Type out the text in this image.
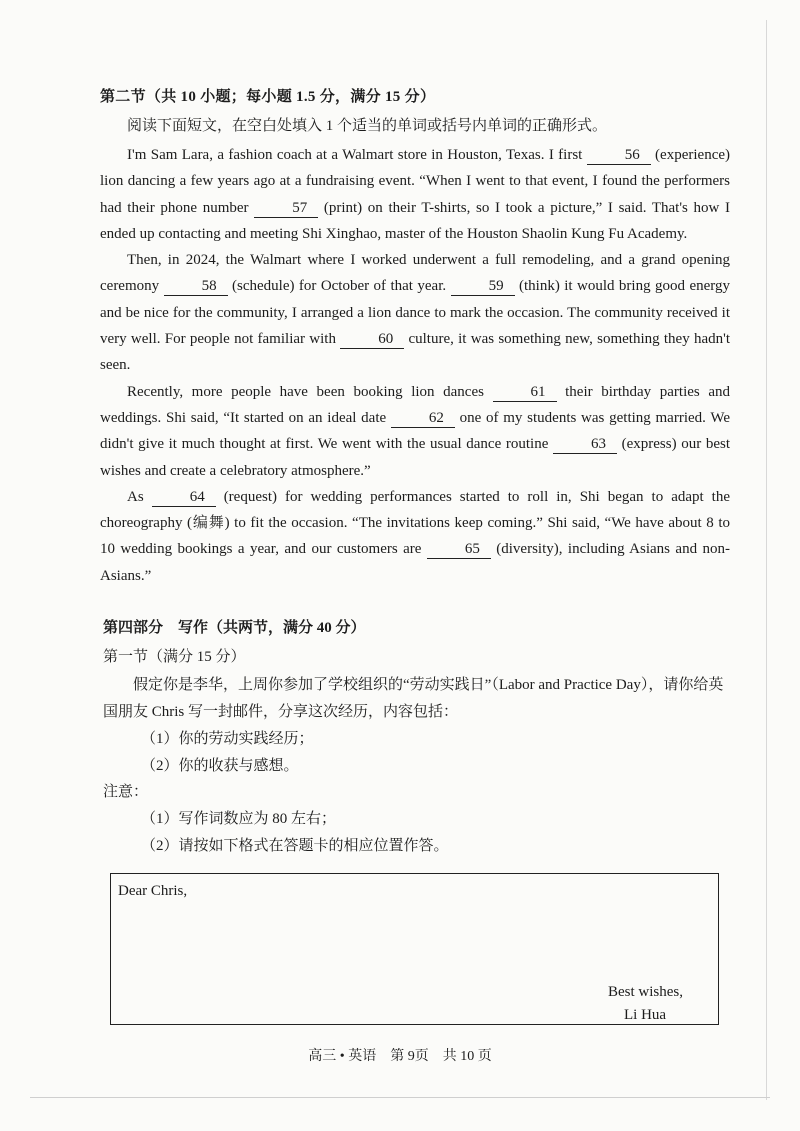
第二节（共 10 小题；每小题 1.5 分，满分 15 分）
阅读下面短文，在空白处填入 1 个适当的单词或括号内单词的正确形式。

I'm Sam Lara, a fashion coach at a Walmart store in Houston, Texas. I first	56 (experience) lion dancing a few years ago at a fundraising event. “When I went to that event, I found the performers had their phone number	57 (print) on their T-shirts, so I took a picture,” I said. That's how I ended up contacting and meeting Shi Xinghao, master of the Houston Shaolin Kung Fu Academy.

Then, in 2024, the Walmart where I worked underwent a full remodeling, and a grand opening ceremony	58 (schedule) for October of that year.	59 (think) it would bring good energy and be nice for the community, I arranged a lion dance to mark the occasion. The community received it very well. For people not familiar with	60 culture, it was something new, something they hadn't seen.

Recently, more people have been booking lion dances	61 their birthday parties and weddings. Shi said, “It started on an ideal date	62 one of my students was getting married. We didn't give it much thought at first. We went with the usual dance routine	63 (express) our best wishes and create a celebratory atmosphere.”

As	64 (request) for wedding performances started to roll in, Shi began to adapt the choreography (编舞) to fit the occasion. “The invitations keep coming.” Shi said, “We have about 8 to 10 wedding bookings a year, and our customers are	65 (diversity), including Asians and non-Asians.”

第四部分　写作（共两节，满分 40 分）
第一节（满分 15 分）

假定你是李华，上周你参加了学校组织的“劳动实践日”（Labor and Practice Day），请你给英国朋友 Chris 写一封邮件，分享这次经历，内容包括：

（1）你的劳动实践经历；

（2）你的收获与感想。

注意：
（1）写作词数应为 80 左右；
（2）请按如下格式在答题卡的相应位置作答。
Dear Chris,
Best wishes,
Li Hua
高三 • 英语　第 9页　共 10 页
